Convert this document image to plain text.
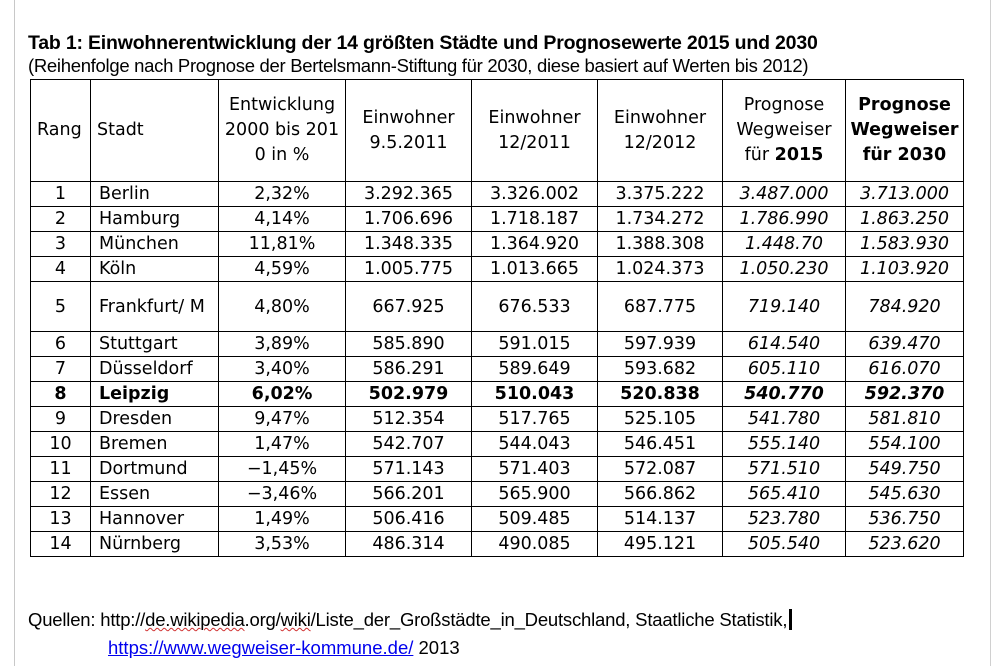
Tab 1: Einwohnerentwicklung der 14 größten Städte und Prognosewerte 2015 und 2030
(Reihenfolge nach Prognose der Bertelsmann-Stiftung für 2030, diese basiert auf Werten bis 2012)
Rang	Stadt	Entwicklung 2000 bis 2010 in %	Einwohner 9.5.2011	Einwohner 12/2011	Einwohner 12/2012	Prognose Wegweiser für 2015	Prognose Wegweiser für 2030
1	Berlin	2,32%	3.292.365	3.326.002	3.375.222	3.487.000	3.713.000
2	Hamburg	4,14%	1.706.696	1.718.187	1.734.272	1.786.990	1.863.250
3	München	11,81%	1.348.335	1.364.920	1.388.308	1.448.70	1.583.930
4	Köln	4,59%	1.005.775	1.013.665	1.024.373	1.050.230	1.103.920
5	Frankfurt/ M	4,80%	667.925	676.533	687.775	719.140	784.920
6	Stuttgart	3,89%	585.890	591.015	597.939	614.540	639.470
7	Düsseldorf	3,40%	586.291	589.649	593.682	605.110	616.070
8	Leipzig	6,02%	502.979	510.043	520.838	540.770	592.370
9	Dresden	9,47%	512.354	517.765	525.105	541.780	581.810
10	Bremen	1,47%	542.707	544.043	546.451	555.140	554.100
11	Dortmund	−1,45%	571.143	571.403	572.087	571.510	549.750
12	Essen	−3,46%	566.201	565.900	566.862	565.410	545.630
13	Hannover	1,49%	506.416	509.485	514.137	523.780	536.750
14	Nürnberg	3,53%	486.314	490.085	495.121	505.540	523.620
Quellen: http://de.wikipedia.org/wiki/Liste_der_Großstädte_in_Deutschland, Staatliche Statistik,
https://www.wegweiser-kommune.de/ 2013
